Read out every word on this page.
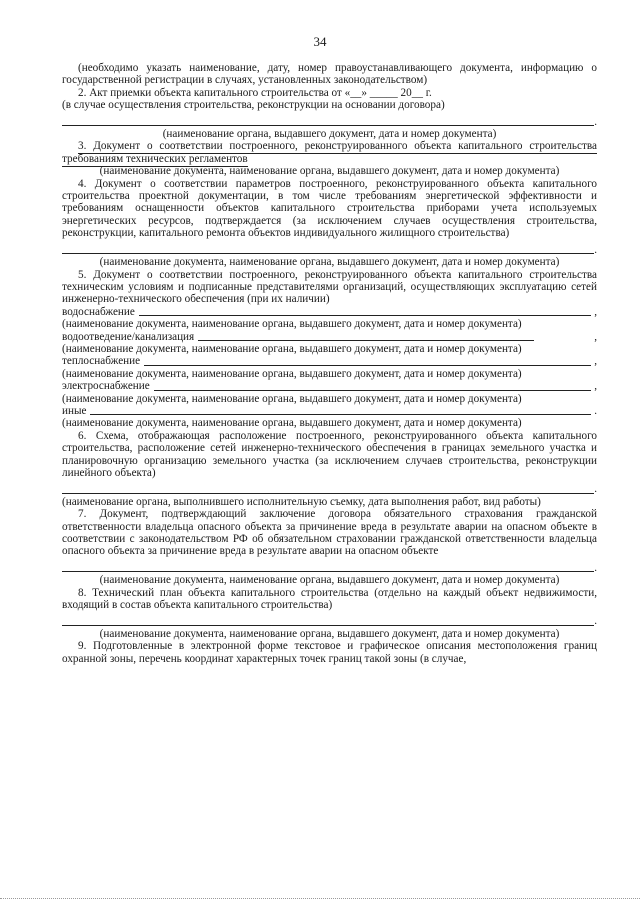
34

(необходимо указать наименование, дату, номер правоустанавливающего документа, информацию о государственной регистрации в случаях, установленных законодательством)

2. Акт приемки объекта капитального строительства от «__» _____ 20__ г.

(в случае осуществления строительства, реконструкции на основании договора)

.

(наименование органа, выдавшего документ, дата и номер документа)

3. Документ о соответствии построенного, реконструированного объекта капитального строительства требованиям технических регламентов

(наименование документа, наименование органа, выдавшего документ, дата и номер документа)

4. Документ о соответствии параметров построенного, реконструированного объекта капитального строительства проектной документации, в том числе требованиям энергетической эффективности и требованиям оснащенности объектов капитального строительства приборами учета используемых энергетических ресурсов, подтверждается (за исключением случаев осуществления строительства, реконструкции, капитального ремонта объектов индивидуального жилищного строительства)

.

(наименование документа, наименование органа, выдавшего документ, дата и номер документа)

5. Документ о соответствии построенного, реконструированного объекта капитального строительства техническим условиям и подписанные представителями организаций, осуществляющих эксплуатацию сетей инженерно-технического обеспечения (при их наличии)

водоснабжение	,

(наименование документа, наименование органа, выдавшего документ, дата и номер документа)

водоотведение/канализация	,

(наименование документа, наименование органа, выдавшего документ, дата и номер документа)

теплоснабжение	,

(наименование документа, наименование органа, выдавшего документ, дата и номер документа)

электроснабжение	,

(наименование документа, наименование органа, выдавшего документ, дата и номер документа)

иные	.

(наименование документа, наименование органа, выдавшего документ, дата и номер документа)

6. Схема, отображающая расположение построенного, реконструированного объекта капитального строительства, расположение сетей инженерно-технического обеспечения в границах земельного участка и планировочную организацию земельного участка (за исключением случаев строительства, реконструкции линейного объекта)

.

(наименование органа, выполнившего исполнительную съемку, дата выполнения работ, вид работы)

7. Документ, подтверждающий заключение договора обязательного страхования гражданской ответственности владельца опасного объекта за причинение вреда в результате аварии на опасном объекте в соответствии с законодательством РФ об обязательном страховании гражданской ответственности владельца опасного объекта за причинение вреда в результате аварии на опасном объекте

.

(наименование документа, наименование органа, выдавшего документ, дата и номер документа)

8. Технический план объекта капитального строительства (отдельно на каждый объект недвижимости, входящий в состав объекта капитального строительства)

.

(наименование документа, наименование органа, выдавшего документ, дата и номер документа)

9. Подготовленные в электронной форме текстовое и графическое описания местоположения границ охранной зоны, перечень координат характерных точек границ такой зоны (в случае,
